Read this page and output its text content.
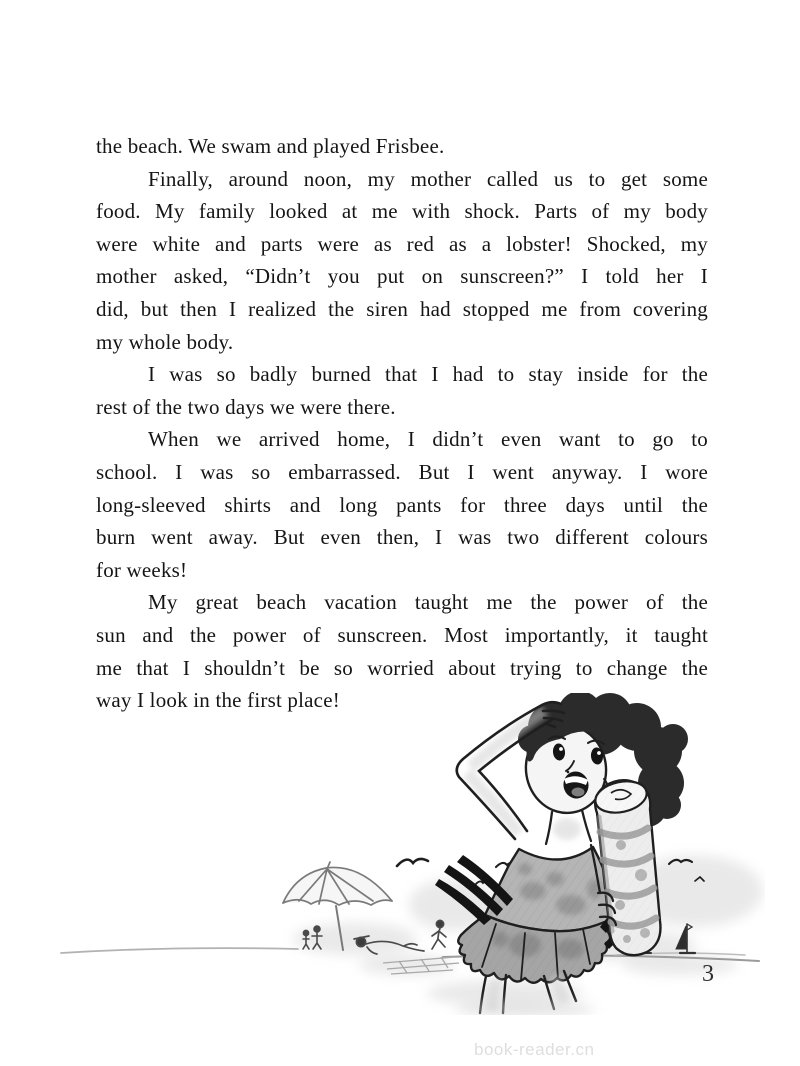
the beach. We swam and played Frisbee.
Finally, around noon, my mother called us to get some
food. My family looked at me with shock. Parts of my body
were white and parts were as red as a lobster! Shocked, my
mother asked, “Didn’t you put on sunscreen?” I told her I
did, but then I realized the siren had stopped me from covering
my whole body.
I was so badly burned that I had to stay inside for the
rest of the two days we were there.
When we arrived home, I didn’t even want to go to
school. I was so embarrassed. But I went anyway. I wore
long-sleeved shirts and long pants for three days until the
burn went away. But even then, I was two different colours
for weeks!
My great beach vacation taught me the power of the
sun and the power of sunscreen. Most importantly, it taught
me that I shouldn’t be so worried about trying to change the
way I look in the first place!
3
book-reader.cn
